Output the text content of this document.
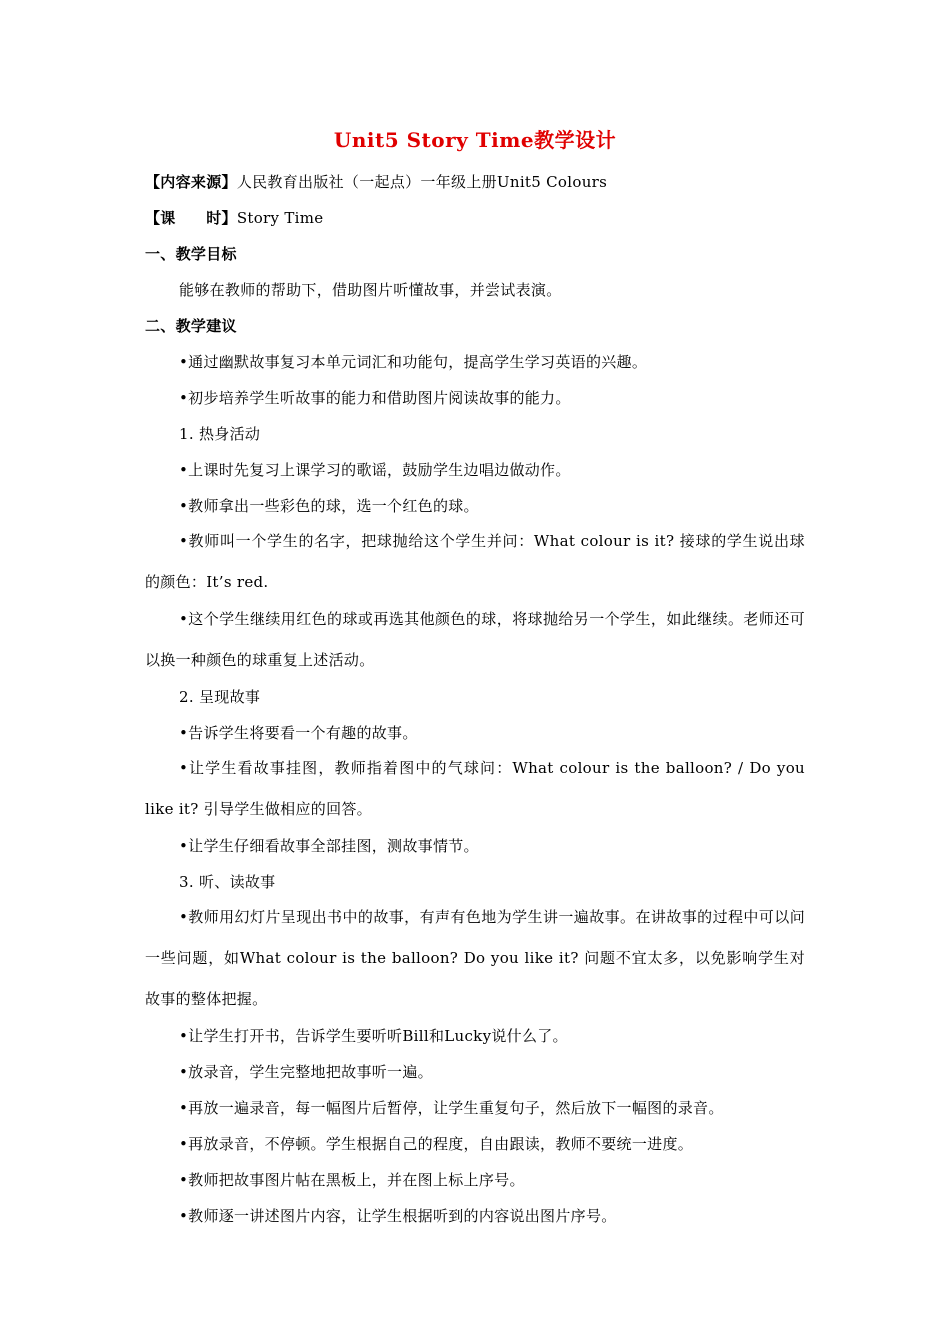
Unit5 Story Time教学设计
【内容来源】人民教育出版社（一起点）一年级上册Unit5 Colours
【课　　时】Story Time
一、教学目标
能够在教师的帮助下，借助图片听懂故事，并尝试表演。
二、教学建议
•通过幽默故事复习本单元词汇和功能句，提高学生学习英语的兴趣。
•初步培养学生听故事的能力和借助图片阅读故事的能力。
1. 热身活动
•上课时先复习上课学习的歌谣，鼓励学生边唱边做动作。
•教师拿出一些彩色的球，选一个红色的球。
•教师叫一个学生的名字，把球抛给这个学生并问：What colour is it? 接球的学生说出球的颜色：It’s red.
•这个学生继续用红色的球或再选其他颜色的球，将球抛给另一个学生，如此继续。老师还可以换一种颜色的球重复上述活动。
2. 呈现故事
•告诉学生将要看一个有趣的故事。
•让学生看故事挂图，教师指着图中的气球问：What colour is the balloon? / Do you like it? 引导学生做相应的回答。
•让学生仔细看故事全部挂图，测故事情节。
3. 听、读故事
•教师用幻灯片呈现出书中的故事，有声有色地为学生讲一遍故事。在讲故事的过程中可以问一些问题，如What colour is the balloon? Do you like it? 问题不宜太多，以免影响学生对故事的整体把握。
•让学生打开书，告诉学生要听听Bill和Lucky说什么了。
•放录音，学生完整地把故事听一遍。
•再放一遍录音，每一幅图片后暂停，让学生重复句子，然后放下一幅图的录音。
•再放录音，不停顿。学生根据自己的程度，自由跟读，教师不要统一进度。
•教师把故事图片帖在黑板上，并在图上标上序号。
•教师逐一讲述图片内容，让学生根据听到的内容说出图片序号。
